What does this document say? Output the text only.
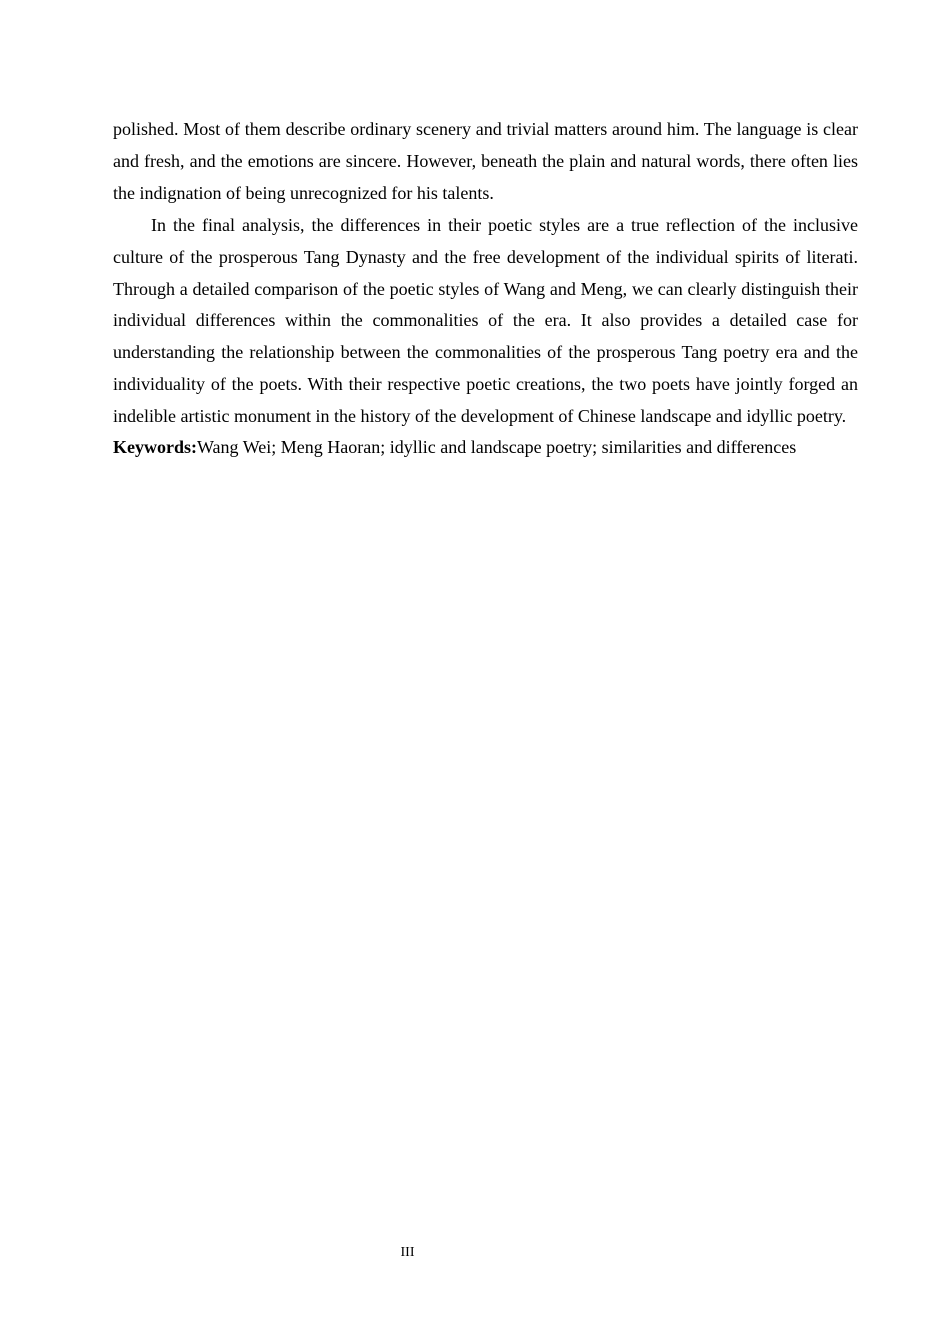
polished. Most of them describe ordinary scenery and trivial matters around him. The language is clear and fresh, and the emotions are sincere. However, beneath the plain and natural words, there often lies the indignation of being unrecognized for his talents.

In the final analysis, the differences in their poetic styles are a true reflection of the inclusive culture of the prosperous Tang Dynasty and the free development of the individual spirits of literati. Through a detailed comparison of the poetic styles of Wang and Meng, we can clearly distinguish their individual differences within the commonalities of the era. It also provides a detailed case for understanding the relationship between the commonalities of the prosperous Tang poetry era and the individuality of the poets. With their respective poetic creations, the two poets have jointly forged an indelible artistic monument in the history of the development of Chinese landscape and idyllic poetry.

Keywords:Wang Wei; Meng Haoran; idyllic and landscape poetry; similarities and differences

III
